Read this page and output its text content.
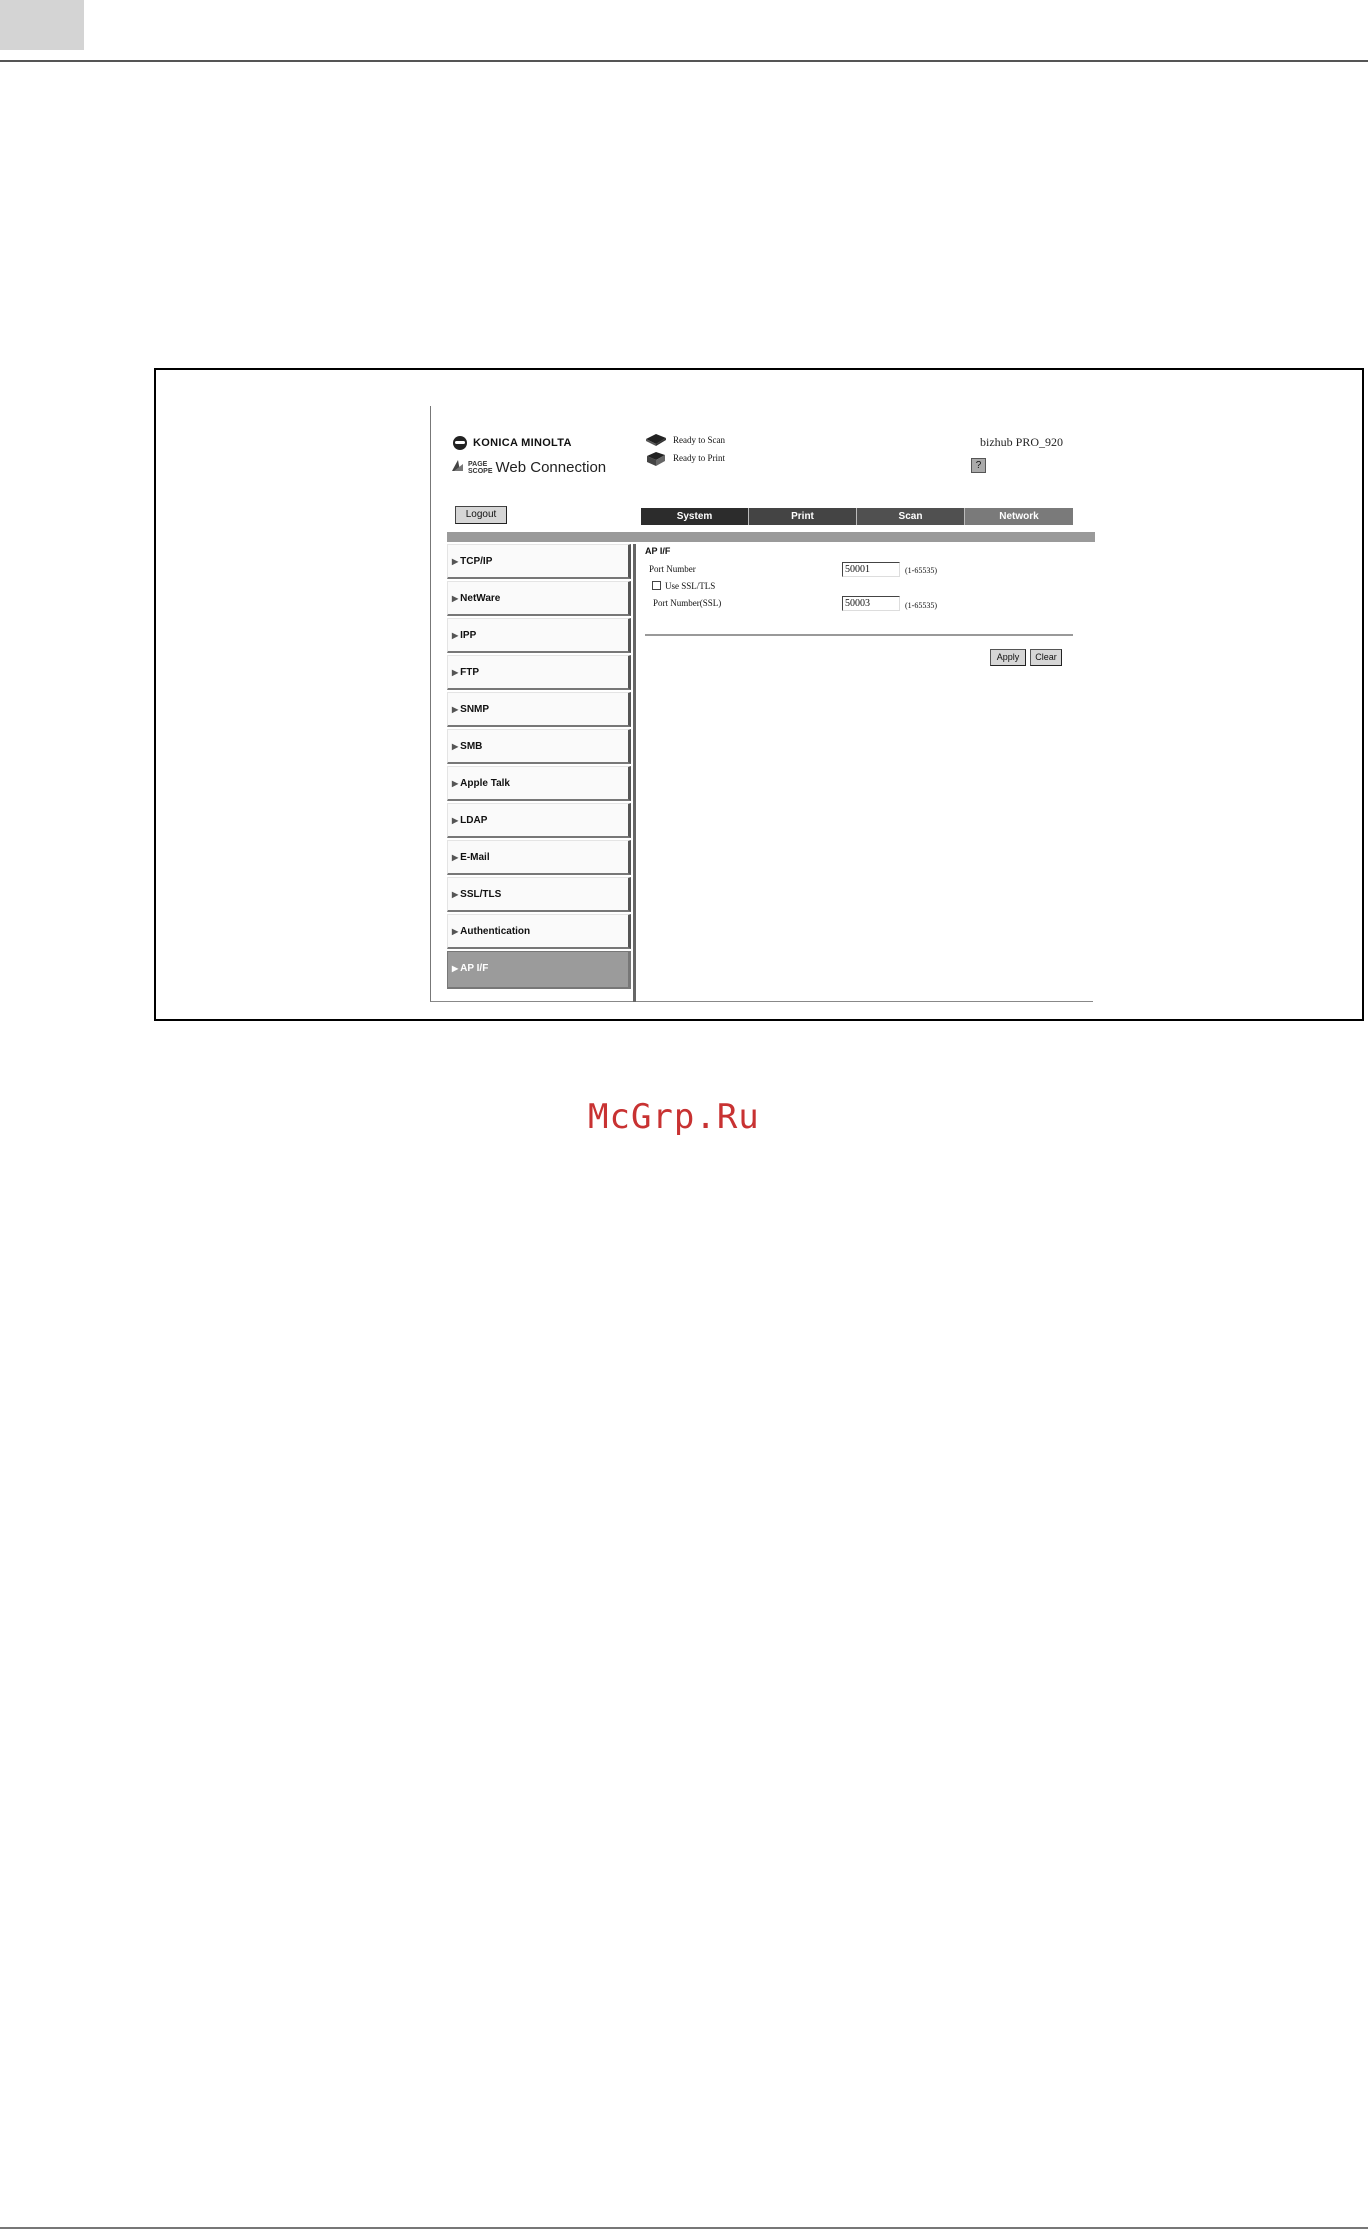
KONICA MINOLTA
PAGE
SCOPE Web Connection
Ready to Scan
Ready to Print
bizhub PRO_920
?
Logout	System	Print	Scan	Network
▶ TCP/IP
▶ NetWare
▶ IPP
▶ FTP
▶ SNMP
▶ SMB
▶ Apple Talk
▶ LDAP
▶ E-Mail
▶ SSL/TLS
▶ Authentication
▶ AP I/F
AP I/F
Port Number	50001	(1-65535)
Use SSL/TLS
Port Number(SSL)	50003	(1-65535)
Apply	Clear
McGrp.Ru
